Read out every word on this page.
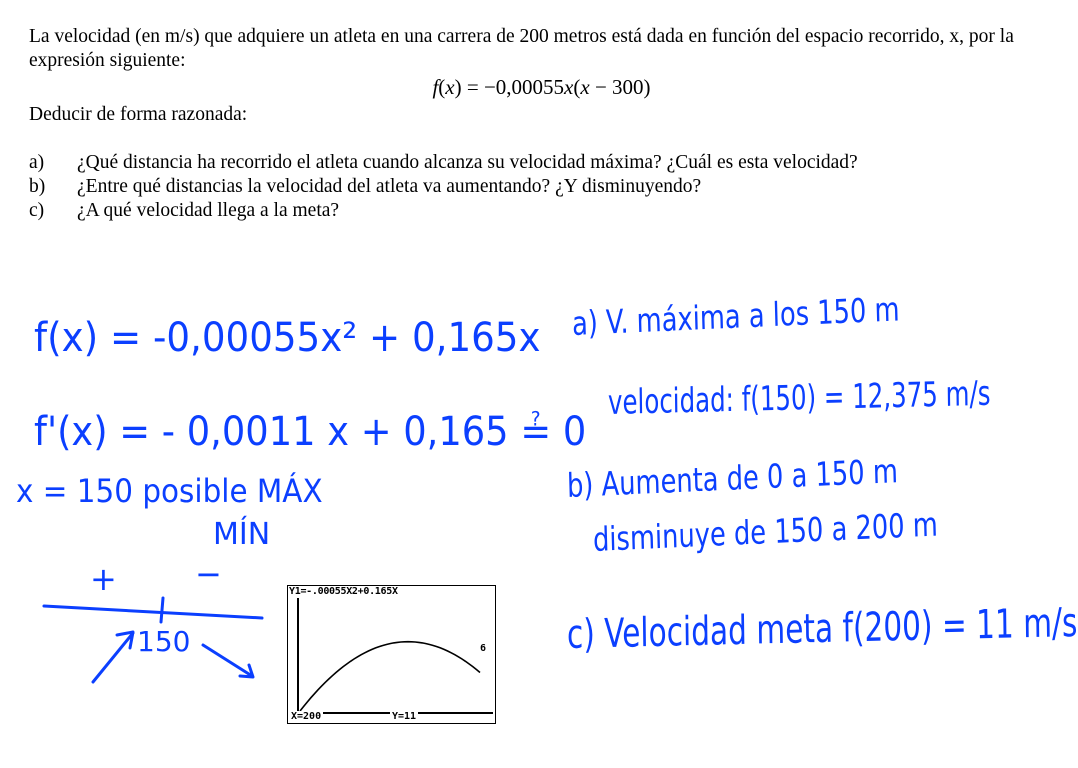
La velocidad (en m/s) que adquiere un atleta en una carrera de 200 metros está dada en función del espacio recorrido, x, por la expresión siguiente:

f(x) = −0,00055x(x − 300)

Deducir de forma razonada:

a) ¿Qué distancia ha recorrido el atleta cuando alcanza su velocidad máxima? ¿Cuál es esta velocidad?
b) ¿Entre qué distancias la velocidad del atleta va aumentando? ¿Y disminuyendo?
c) ¿A qué velocidad llega a la meta?
f(x) = -0,00055x² + 0,165x
f'(x) = - 0,0011 x + 0,165 ≟ 0
x = 150 posible MÁX
MÍN
+ −
150
a) V. máxima a los 150 m
velocidad: f(150) = 12,375 m/s
b) Aumenta de 0 a 150 m
disminuye de 150 a 200 m
c) Velocidad meta f(200) = 11 m/s
6
Y1=-.00055X2+0.165X
X=200	Y=11
